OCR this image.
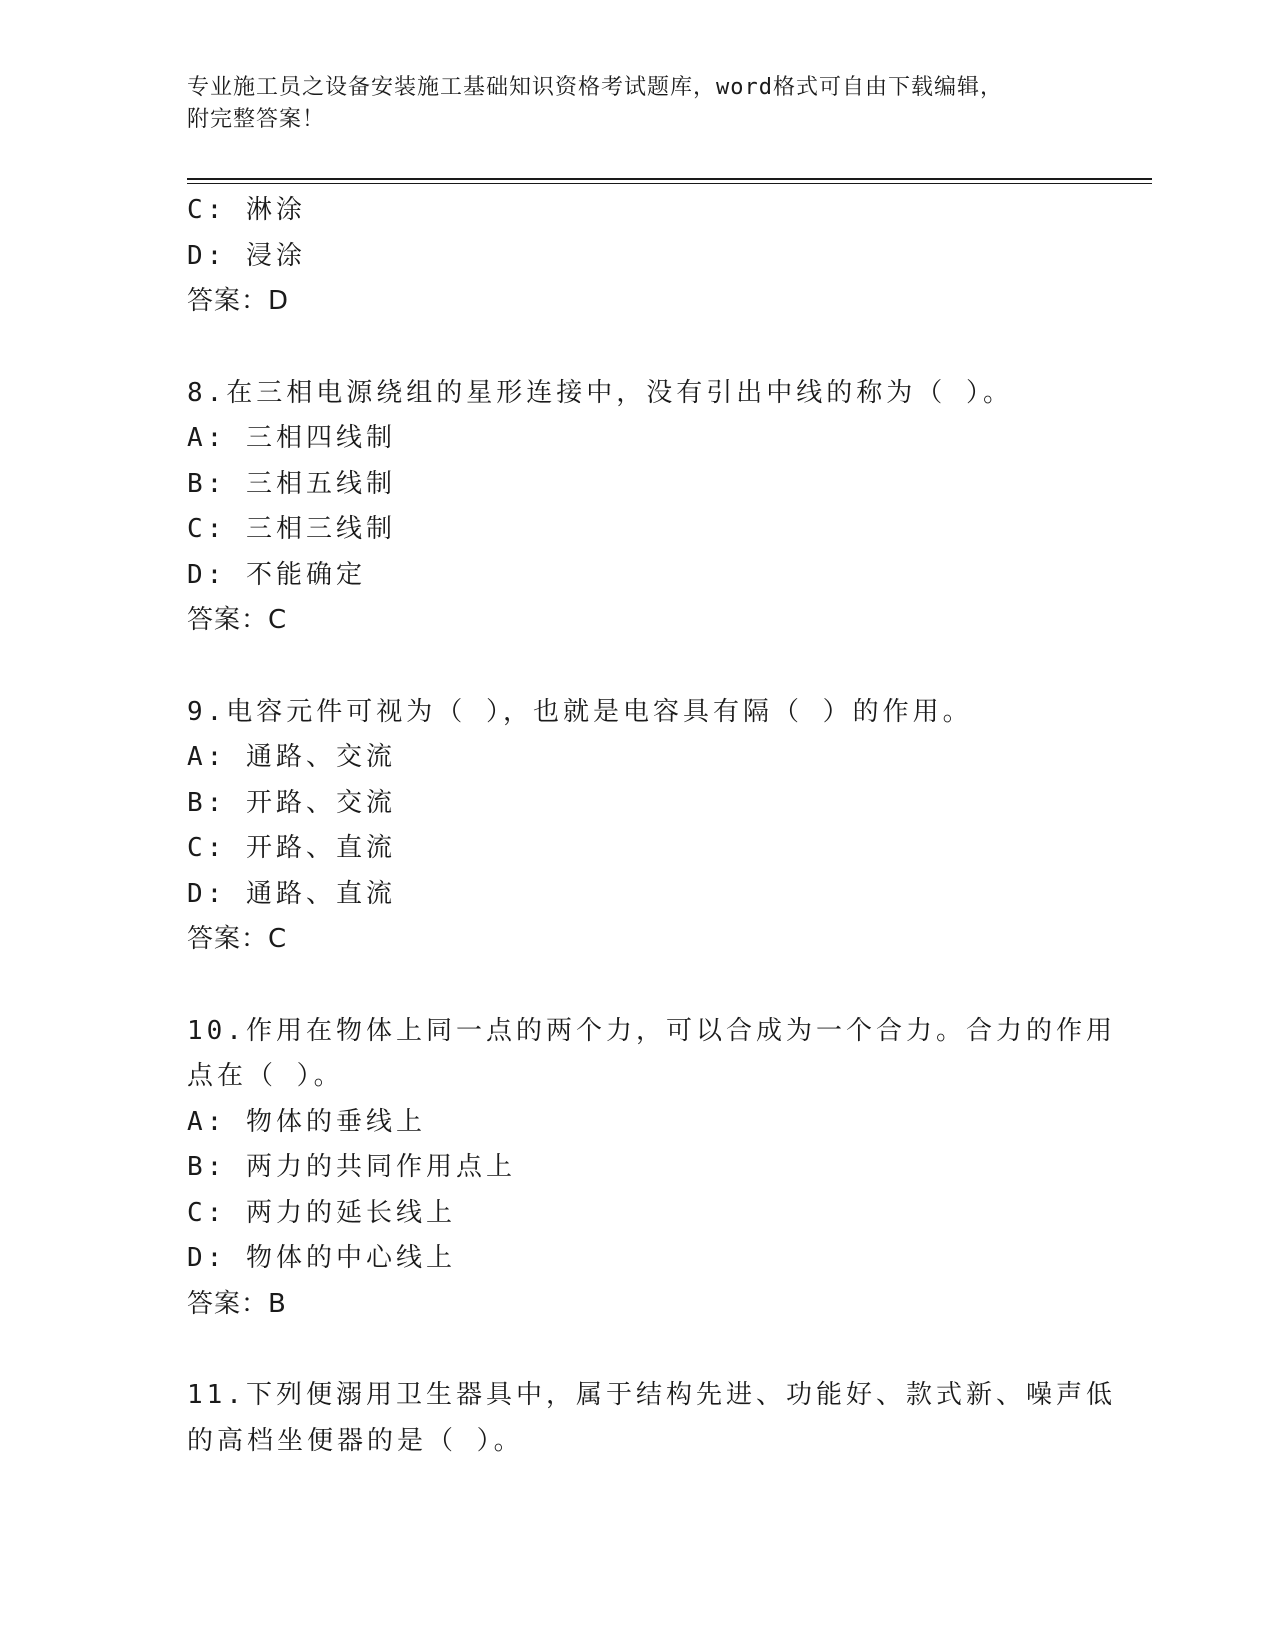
专业施工员之设备安装施工基础知识资格考试题库，word格式可自由下载编辑，
附完整答案！
C: 淋涂
D: 浸涂
答案：D
8.在三相电源绕组的星形连接中，没有引出中线的称为（ ）。
A: 三相四线制
B: 三相五线制
C: 三相三线制
D: 不能确定
答案：C
9.电容元件可视为（ ），也就是电容具有隔（ ）的作用。
A: 通路、交流
B: 开路、交流
C: 开路、直流
D: 通路、直流
答案：C
10.作用在物体上同一点的两个力，可以合成为一个合力。合力的作用
点在（ ）。
A: 物体的垂线上
B: 两力的共同作用点上
C: 两力的延长线上
D: 物体的中心线上
答案：B
11.下列便溺用卫生器具中，属于结构先进、功能好、款式新、噪声低
的高档坐便器的是（ ）。
